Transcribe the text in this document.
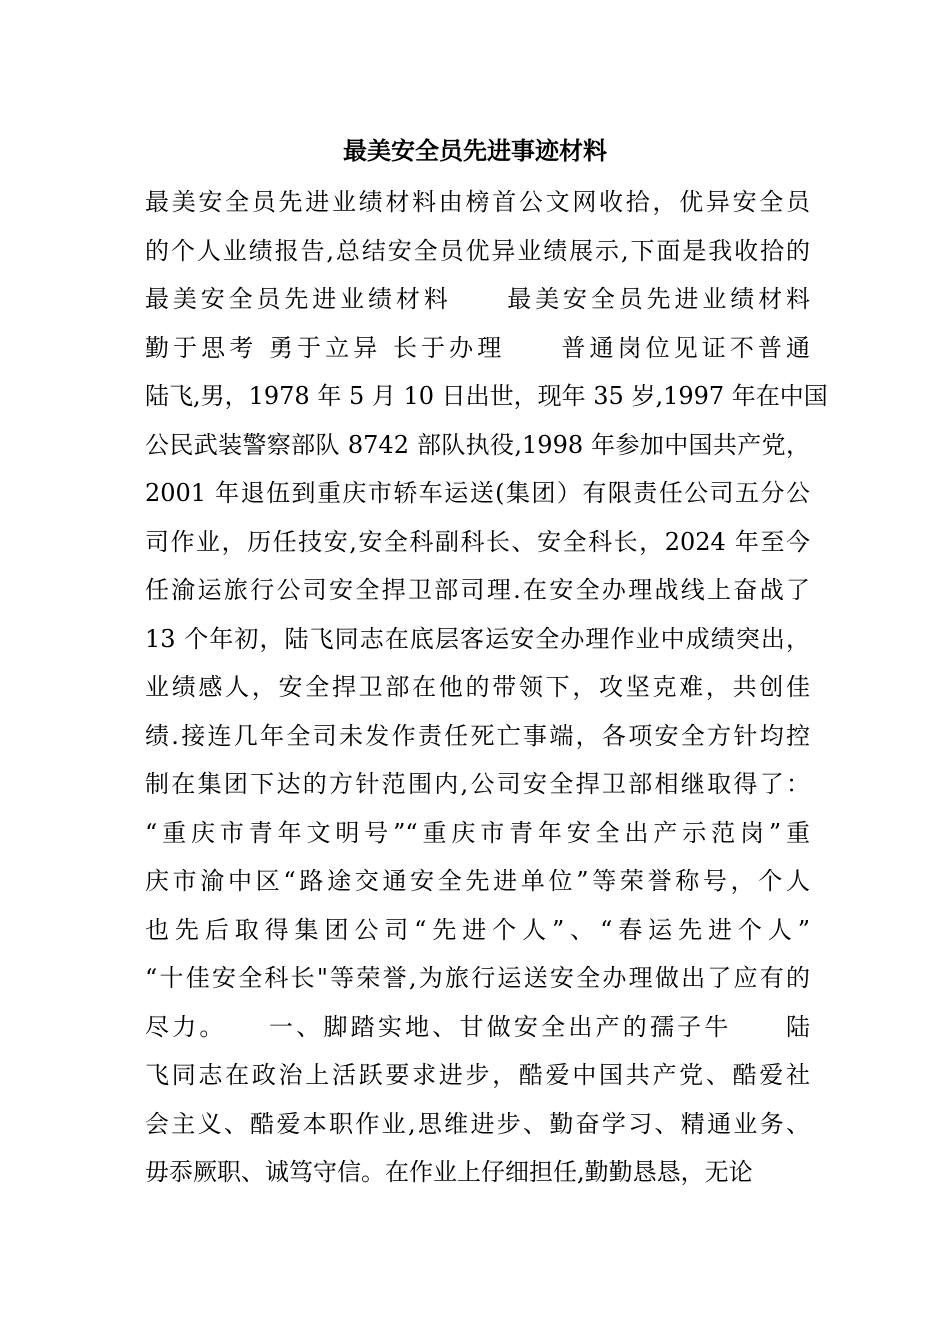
最美安全员先进事迹材料
最美安全员先进业绩材料由榜首公文网收拾，优异安全员
的个人业绩报告,总结安全员优异业绩展示,下面是我收拾的
最美安全员先进业绩材料　　最美安全员先进业绩材料
勤于思考 勇于立异 长于办理　　普通岗位见证不普通
陆飞,男，1978 年 5 月 10 日出世，现年 35 岁,1997 年在中国
公民武装警察部队 8742 部队执役,1998 年参加中国共产党，
2001 年退伍到重庆市轿车运送(集团）有限责任公司五分公
司作业，历任技安,安全科副科长、安全科长，2024 年至今
任渝运旅行公司安全捍卫部司理.在安全办理战线上奋战了
13 个年初，陆飞同志在底层客运安全办理作业中成绩突出，
业绩感人，安全捍卫部在他的带领下，攻坚克难，共创佳
绩.接连几年全司未发作责任死亡事端，各项安全方针均控
制在集团下达的方针范围内,公司安全捍卫部相继取得了：
“重庆市青年文明号”“重庆市青年安全出产示范岗”重
庆市渝中区“路途交通安全先进单位”等荣誉称号，个人
也先后取得集团公司“先进个人”、“春运先进个人”
“十佳安全科长"等荣誉,为旅行运送安全办理做出了应有的
尽力。　　一、脚踏实地、甘做安全出产的孺子牛　　陆
飞同志在政治上活跃要求进步，酷爱中国共产党、酷爱社
会主义、酷爱本职作业,思维进步、勤奋学习、精通业务、
毋忝厥职、诚笃守信。在作业上仔细担任,勤勤恳恳，无论
